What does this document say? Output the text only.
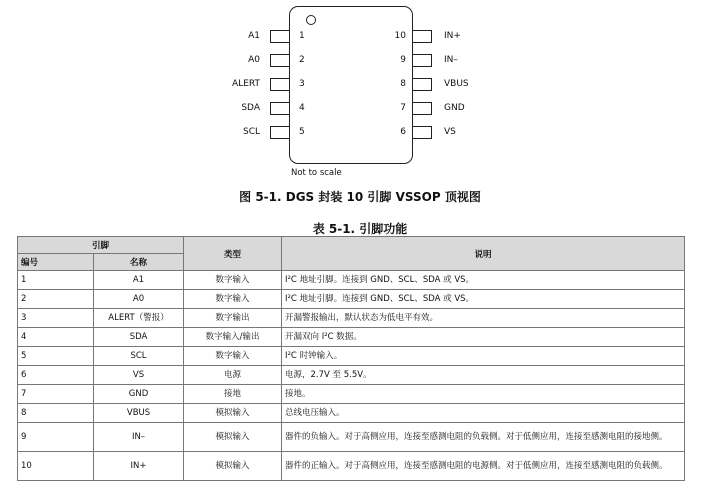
A1
A0
ALERT
SDA
SCL
1
2
3
4
5
IN+
IN–
VBUS
GND
VS
10
9
8
7
6
Not to scale
图 5-1. DGS 封装 10 引脚 VSSOP 顶视图
表 5-1. 引脚功能
引脚		类型	说明
编号	名称		
1	A1	数字输入	I²C 地址引脚。连接到 GND、SCL、SDA 或 VS。
2	A0	数字输入	I²C 地址引脚。连接到 GND、SCL、SDA 或 VS。
3	ALERT（警报）	数字输出	开漏警报输出，默认状态为低电平有效。
4	SDA	数字输入/输出	开漏双向 I²C 数据。
5	SCL	数字输入	I²C 时钟输入。
6	VS	电源	电源，2.7V 至 5.5V。
7	GND	接地	接地。
8	VBUS	模拟输入	总线电压输入。
9	IN–	模拟输入	器件的负输入。对于高侧应用，连接至感测电阻的负载侧。对于低侧应用，连接至感测电阻的接地侧。
10	IN+	模拟输入	器件的正输入。对于高侧应用，连接至感测电阻的电源侧。对于低侧应用，连接至感测电阻的负载侧。
